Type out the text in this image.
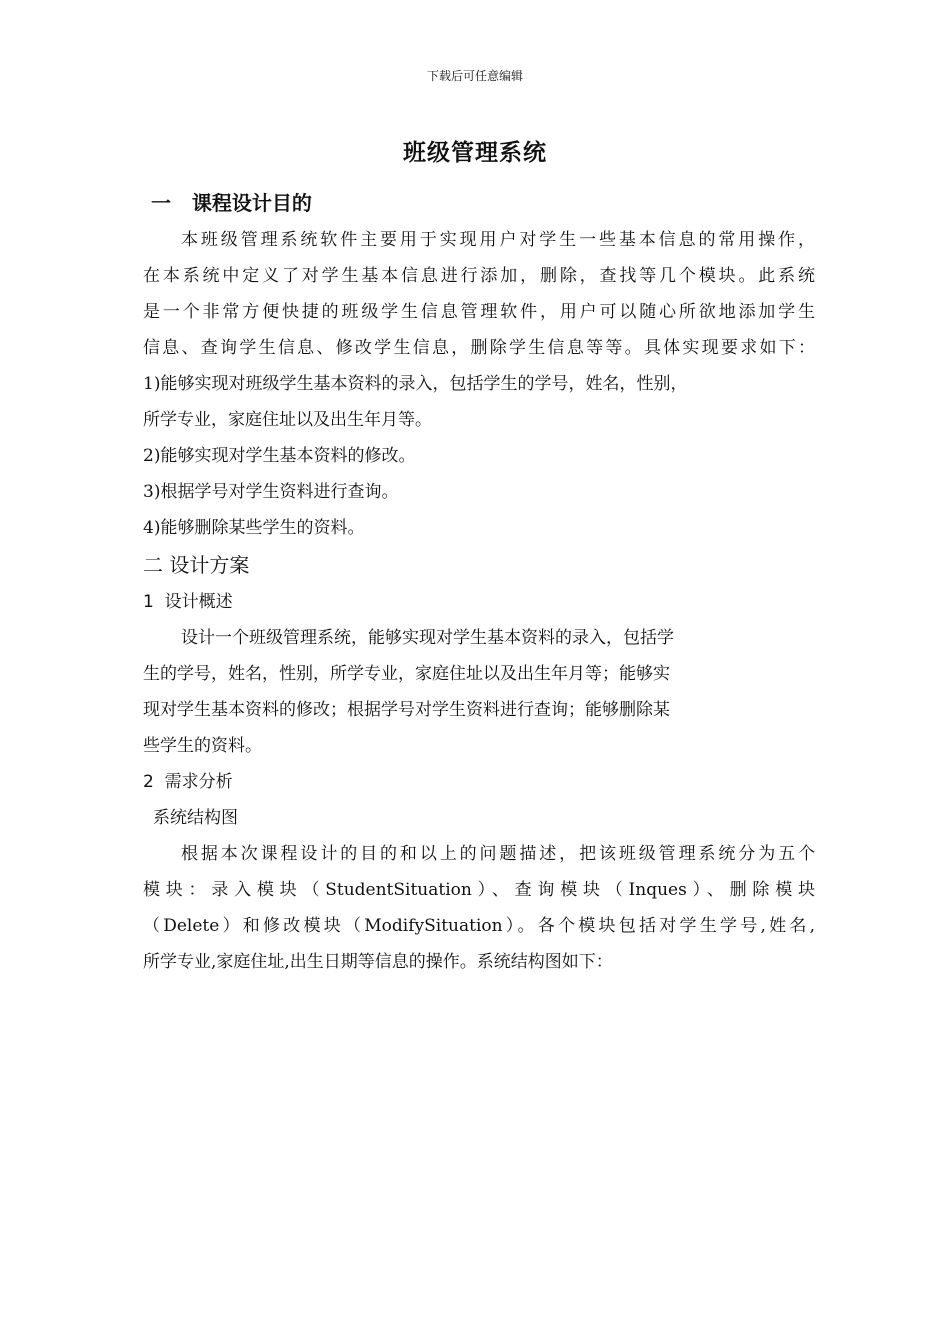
下载后可任意编辑
班级管理系统
一   课程设计目的
本班级管理系统软件主要用于实现用户对学生一些基本信息的常用操作，
在本系统中定义了对学生基本信息进行添加，删除，查找等几个模块。此系统
是一个非常方便快捷的班级学生信息管理软件，用户可以随心所欲地添加学生
信息、查询学生信息、修改学生信息，删除学生信息等等。具体实现要求如下：
1)能够实现对班级学生基本资料的录入，包括学生的学号，姓名，性别，
所学专业，家庭住址以及出生年月等。
2)能够实现对学生基本资料的修改。
3)根据学号对学生资料进行查询。
4)能够删除某些学生的资料。
二 设计方案
1  设计概述
设计一个班级管理系统，能够实现对学生基本资料的录入，包括学
生的学号，姓名，性别，所学专业，家庭住址以及出生年月等；能够实
现对学生基本资料的修改；根据学号对学生资料进行查询；能够删除某
些学生的资料。
2  需求分析
系统结构图
根据本次课程设计的目的和以上的问题描述，把该班级管理系统分为五个
模块：录入模块（StudentSituation）、查询模块（Inques）、删除模块
（Delete）和修改模块（ModifySituation）。各个模块包括对学生学号,姓名,
所学专业,家庭住址,出生日期等信息的操作。系统结构图如下：
